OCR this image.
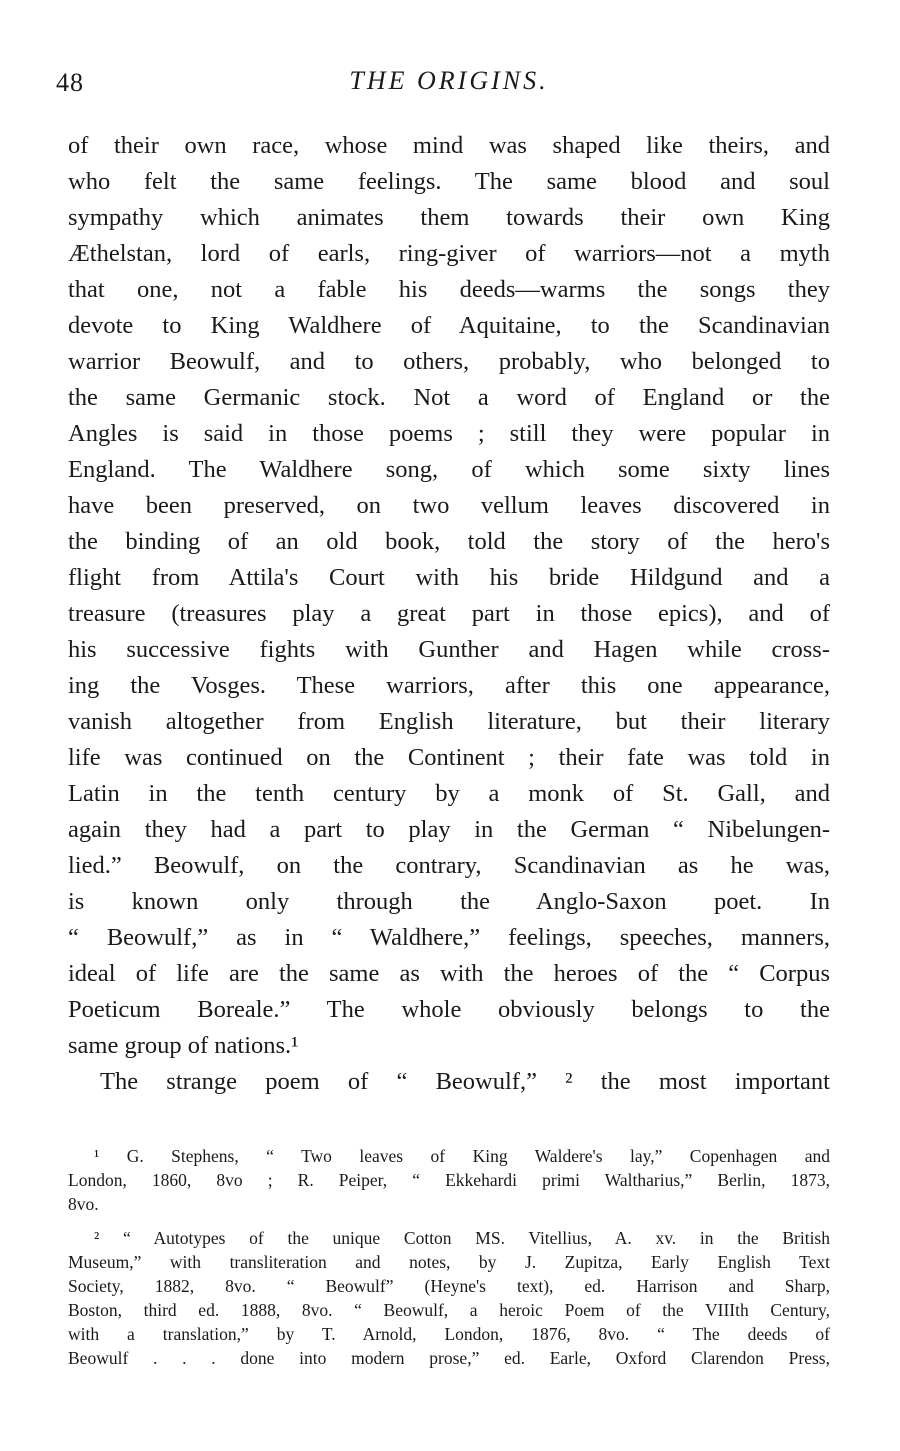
48	THE ORIGINS.
of their own race, whose mind was shaped like theirs, and
who felt the same feelings. The same blood and soul
sympathy which animates them towards their own King
Æthelstan, lord of earls, ring-giver of warriors—not a myth
that one, not a fable his deeds—warms the songs they
devote to King Waldhere of Aquitaine, to the Scandinavian
warrior Beowulf, and to others, probably, who belonged to
the same Germanic stock. Not a word of England or the
Angles is said in those poems ; still they were popular in
England. The Waldhere song, of which some sixty lines
have been preserved, on two vellum leaves discovered in
the binding of an old book, told the story of the hero's
flight from Attila's Court with his bride Hildgund and a
treasure (treasures play a great part in those epics), and of
his successive fights with Gunther and Hagen while cross-
ing the Vosges. These warriors, after this one appearance,
vanish altogether from English literature, but their literary
life was continued on the Continent ; their fate was told in
Latin in the tenth century by a monk of St. Gall, and
again they had a part to play in the German “ Nibelungen-
lied.” Beowulf, on the contrary, Scandinavian as he was,
is known only through the Anglo-Saxon poet. In
“ Beowulf,” as in “ Waldhere,” feelings, speeches, manners,
ideal of life are the same as with the heroes of the “ Corpus
Poeticum Boreale.” The whole obviously belongs to the
same group of nations.¹
The strange poem of “ Beowulf,” ² the most important
¹ G. Stephens, “ Two leaves of King Waldere's lay,” Copenhagen and
London, 1860, 8vo ; R. Peiper, “ Ekkehardi primi Waltharius,” Berlin, 1873,
8vo.
² “ Autotypes of the unique Cotton MS. Vitellius, A. xv. in the British
Museum,” with transliteration and notes, by J. Zupitza, Early English Text
Society, 1882, 8vo. “ Beowulf” (Heyne's text), ed. Harrison and Sharp,
Boston, third ed. 1888, 8vo. “ Beowulf, a heroic Poem of the VIIIth Century,
with a translation,” by T. Arnold, London, 1876, 8vo. “ The deeds of
Beowulf . . . done into modern prose,” ed. Earle, Oxford Clarendon Press,
